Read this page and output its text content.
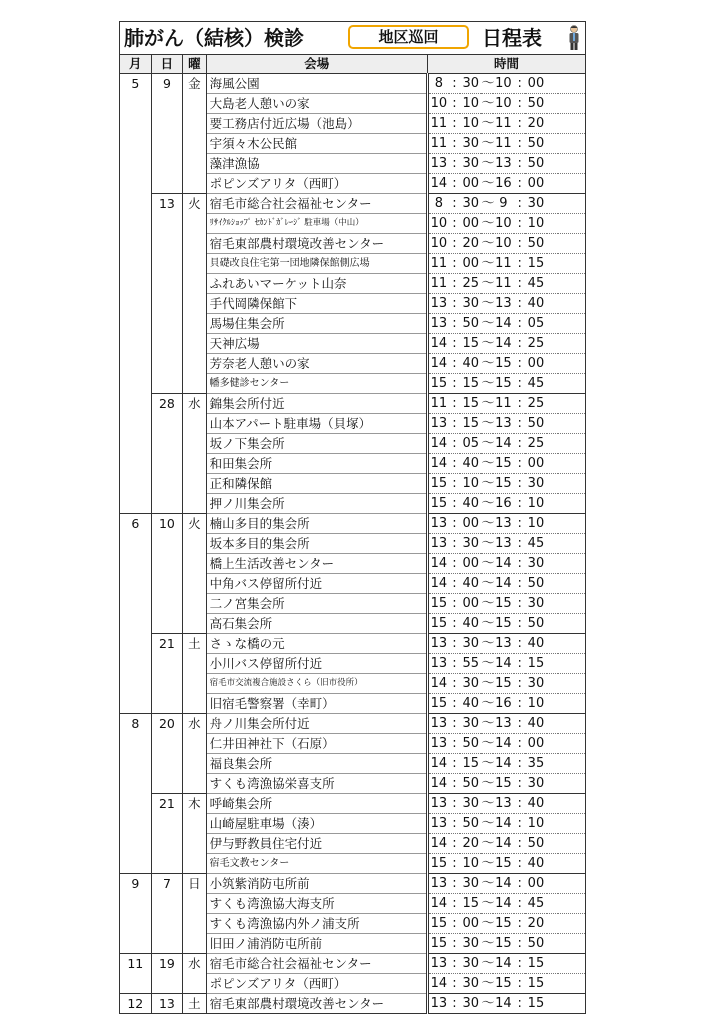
肺がん（結核）検診	地区巡回	日程表
月	日	曜	会場	時間								
5	9	金	海風公園	8	:	30	〜	10	:	00		
			大島老人憩いの家	10	:	10	〜	10	:	50		
			要工務店付近広場（池島）	11	:	10	〜	11	:	20		
			宇須々木公民館	11	:	30	〜	11	:	50		
			藻津漁協	13	:	30	〜	13	:	50		
			ポピンズアリタ（西町）	14	:	00	〜	16	:	00		
	13	火	宿毛市総合社会福祉センター	8	:	30	〜	9	:	30		
			ﾘｻｲｸﾙｼｮｯﾌﾟ ｾｶﾝﾄﾞｶﾞﾚｰｼﾞ 駐車場（中山）	10	:	00	〜	10	:	10		
			宿毛東部農村環境改善センター	10	:	20	〜	10	:	50		
			貝礎改良住宅第一団地隣保館側広場	11	:	00	〜	11	:	15		
			ふれあいマーケット山奈	11	:	25	〜	11	:	45		
			手代岡隣保館下	13	:	30	〜	13	:	40		
			馬場住集会所	13	:	50	〜	14	:	05		
			天神広場	14	:	15	〜	14	:	25		
			芳奈老人憩いの家	14	:	40	〜	15	:	00		
			幡多健診センター	15	:	15	〜	15	:	45		
	28	水	錦集会所付近	11	:	15	〜	11	:	25		
			山本アパート駐車場（貝塚）	13	:	15	〜	13	:	50		
			坂ノ下集会所	14	:	05	〜	14	:	25		
			和田集会所	14	:	40	〜	15	:	00		
			正和隣保館	15	:	10	〜	15	:	30		
			押ノ川集会所	15	:	40	〜	16	:	10		
6	10	火	楠山多目的集会所	13	:	00	〜	13	:	10		
			坂本多目的集会所	13	:	30	〜	13	:	45		
			橋上生活改善センター	14	:	00	〜	14	:	30		
			中角バス停留所付近	14	:	40	〜	14	:	50		
			二ノ宮集会所	15	:	00	〜	15	:	30		
			高石集会所	15	:	40	〜	15	:	50		
	21	土	さゝな橋の元	13	:	30	〜	13	:	40		
			小川バス停留所付近	13	:	55	〜	14	:	15		
			宿毛市交流複合施設さくら（旧市役所）	14	:	30	〜	15	:	30		
			旧宿毛警察署（幸町）	15	:	40	〜	16	:	10		
8	20	水	舟ノ川集会所付近	13	:	30	〜	13	:	40		
			仁井田神社下（石原）	13	:	50	〜	14	:	00		
			福良集会所	14	:	15	〜	14	:	35		
			すくも湾漁協栄喜支所	14	:	50	〜	15	:	30		
	21	木	呼崎集会所	13	:	30	〜	13	:	40		
			山崎屋駐車場（湊）	13	:	50	〜	14	:	10		
			伊与野教員住宅付近	14	:	20	〜	14	:	50		
			宿毛文教センター	15	:	10	〜	15	:	40		
9	7	日	小筑紫消防屯所前	13	:	30	〜	14	:	00		
			すくも湾漁協大海支所	14	:	15	〜	14	:	45		
			すくも湾漁協内外ノ浦支所	15	:	00	〜	15	:	20		
			旧田ノ浦消防屯所前	15	:	30	〜	15	:	50		
11	19	水	宿毛市総合社会福祉センター	13	:	30	〜	14	:	15		
			ポピンズアリタ（西町）	14	:	30	〜	15	:	15		
12	13	土	宿毛東部農村環境改善センター	13	:	30	〜	14	:	15		
